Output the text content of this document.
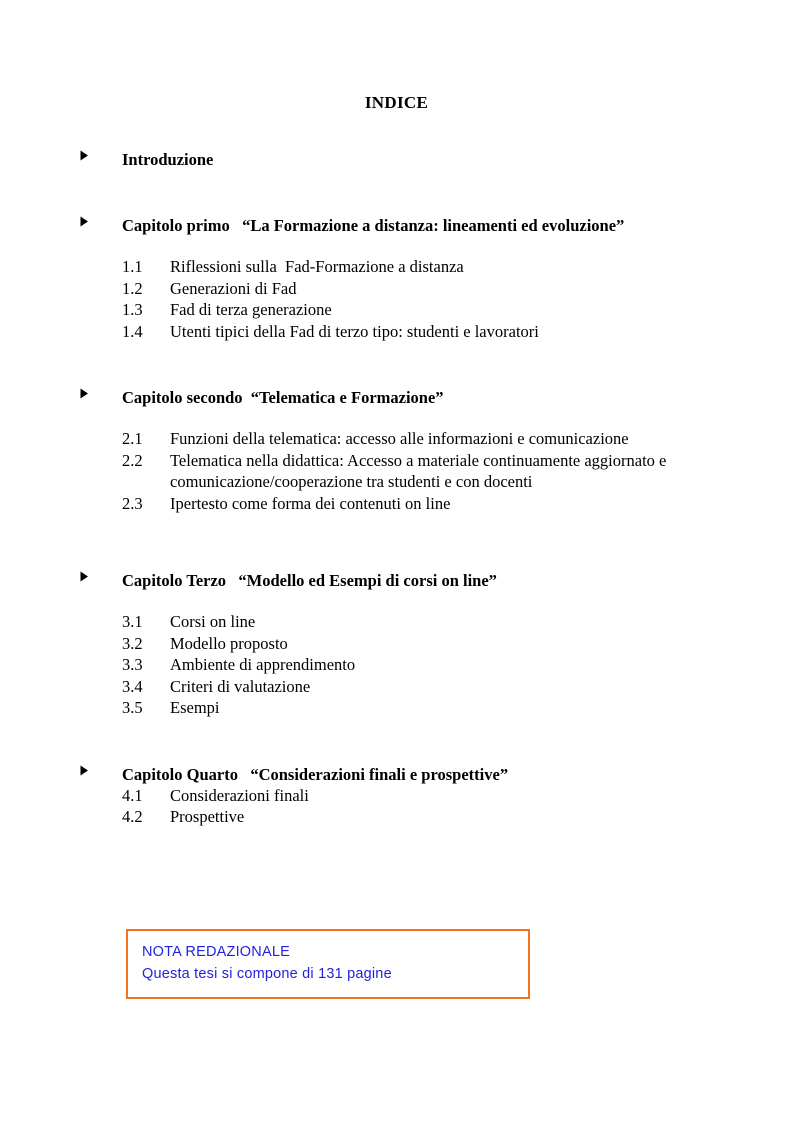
INDICE
Introduzione
Capitolo primo   “La Formazione a distanza: lineamenti ed evoluzione”
1.1	Riflessioni sulla  Fad-Formazione a distanza
1.2	Generazioni di Fad
1.3	Fad di terza generazione
1.4	Utenti tipici della Fad di terzo tipo: studenti e lavoratori
Capitolo secondo  “Telematica e Formazione”
2.1	Funzioni della telematica: accesso alle informazioni e comunicazione
2.2	Telematica nella didattica: Accesso a materiale continuamente aggiornato e comunicazione/cooperazione tra studenti e con docenti
2.3	Ipertesto come forma dei contenuti on line
Capitolo Terzo   “Modello ed Esempi di corsi on line”
3.1	Corsi on line
3.2	Modello proposto
3.3	Ambiente di apprendimento
3.4	Criteri di valutazione
3.5	Esempi
Capitolo Quarto   “Considerazioni finali e prospettive”
4.1	Considerazioni finali
4.2	Prospettive
NOTA REDAZIONALE
Questa tesi si compone di 131 pagine
